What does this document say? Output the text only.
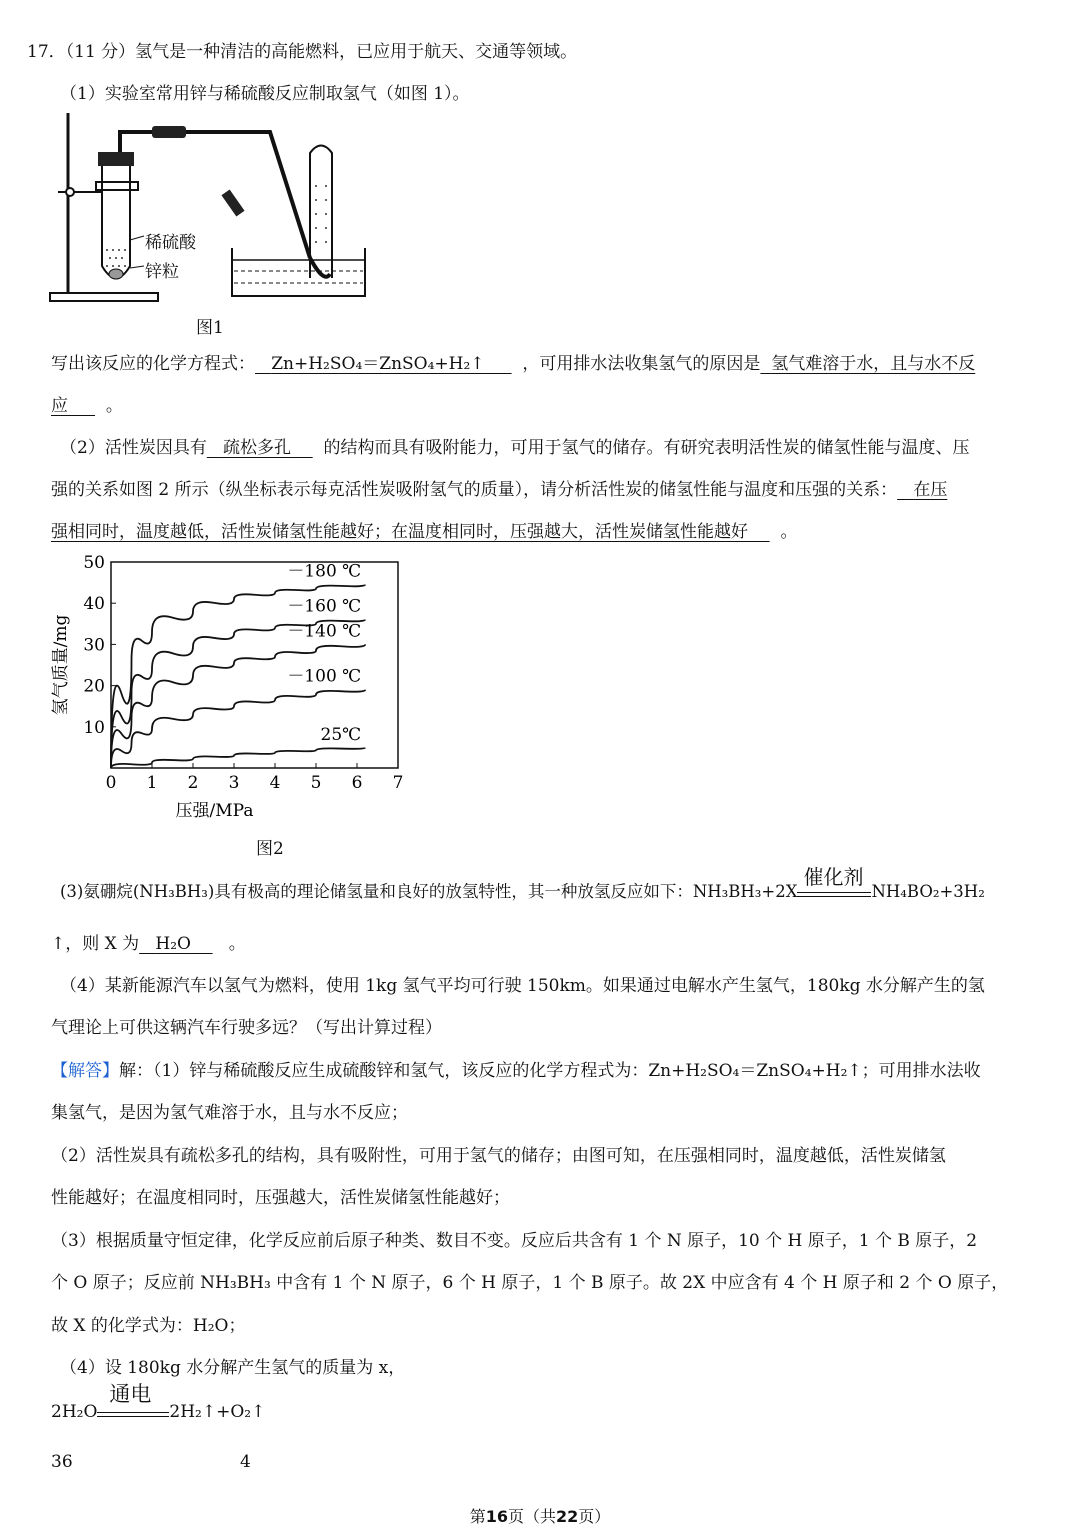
17．（11 分）氢气是一种清洁的高能燃料，已应用于航天、交通等领域。
（1）实验室常用锌与稀硫酸反应制取氢气（如图 1）。
稀硫酸
锌粒
图1
写出该反应的化学方程式： Zn+H₂SO₄＝ZnSO₄+H₂↑ ，可用排水法收集氢气的原因是 氢气难溶于水，且与水不反
应 。
（2）活性炭因具有 疏松多孔 的结构而具有吸附能力，可用于氢气的储存。有研究表明活性炭的储氢性能与温度、压
强的关系如图 2 所示（纵坐标表示每克活性炭吸附氢气的质量），请分析活性炭的储氢性能与温度和压强的关系： 在压
强相同时，温度越低，活性炭储氢性能越好；在温度相同时，压强越大，活性炭储氢性能越好 。
0 1 2 3 4 5 6 7
10
20
30
40
50
压强/MPa
氢气质量/mg
－180 ℃
－160 ℃
－140 ℃
－100 ℃
25℃
图2
(3)氨硼烷(NH₃BH₃)具有极高的理论储氢量和良好的放氢特性，其一种放氢反应如下：NH₃BH₃+2X
催化剂
NH₄BO₂+3H₂
↑，则 X 为 H₂O 。
（4）某新能源汽车以氢气为燃料，使用 1kg 氢气平均可行驶 150km。如果通过电解水产生氢气，180kg 水分解产生的氢
气理论上可供这辆汽车行驶多远？（写出计算过程）
【解答】解：（1）锌与稀硫酸反应生成硫酸锌和氢气，该反应的化学方程式为：Zn+H₂SO₄＝ZnSO₄+H₂↑；可用排水法收
集氢气，是因为氢气难溶于水，且与水不反应；
（2）活性炭具有疏松多孔的结构，具有吸附性，可用于氢气的储存；由图可知，在压强相同时，温度越低，活性炭储氢
性能越好；在温度相同时，压强越大，活性炭储氢性能越好；
（3）根据质量守恒定律，化学反应前后原子种类、数目不变。反应后共含有 1 个 N 原子，10 个 H 原子，1 个 B 原子，2
个 O 原子；反应前 NH₃BH₃ 中含有 1 个 N 原子，6 个 H 原子，1 个 B 原子。故 2X 中应含有 4 个 H 原子和 2 个 O 原子，
故 X 的化学式为：H₂O；
（4）设 180kg 水分解产生氢气的质量为 x，
2H₂O
通电
2H₂↑+O₂↑
36	4
第16页（共22页）
